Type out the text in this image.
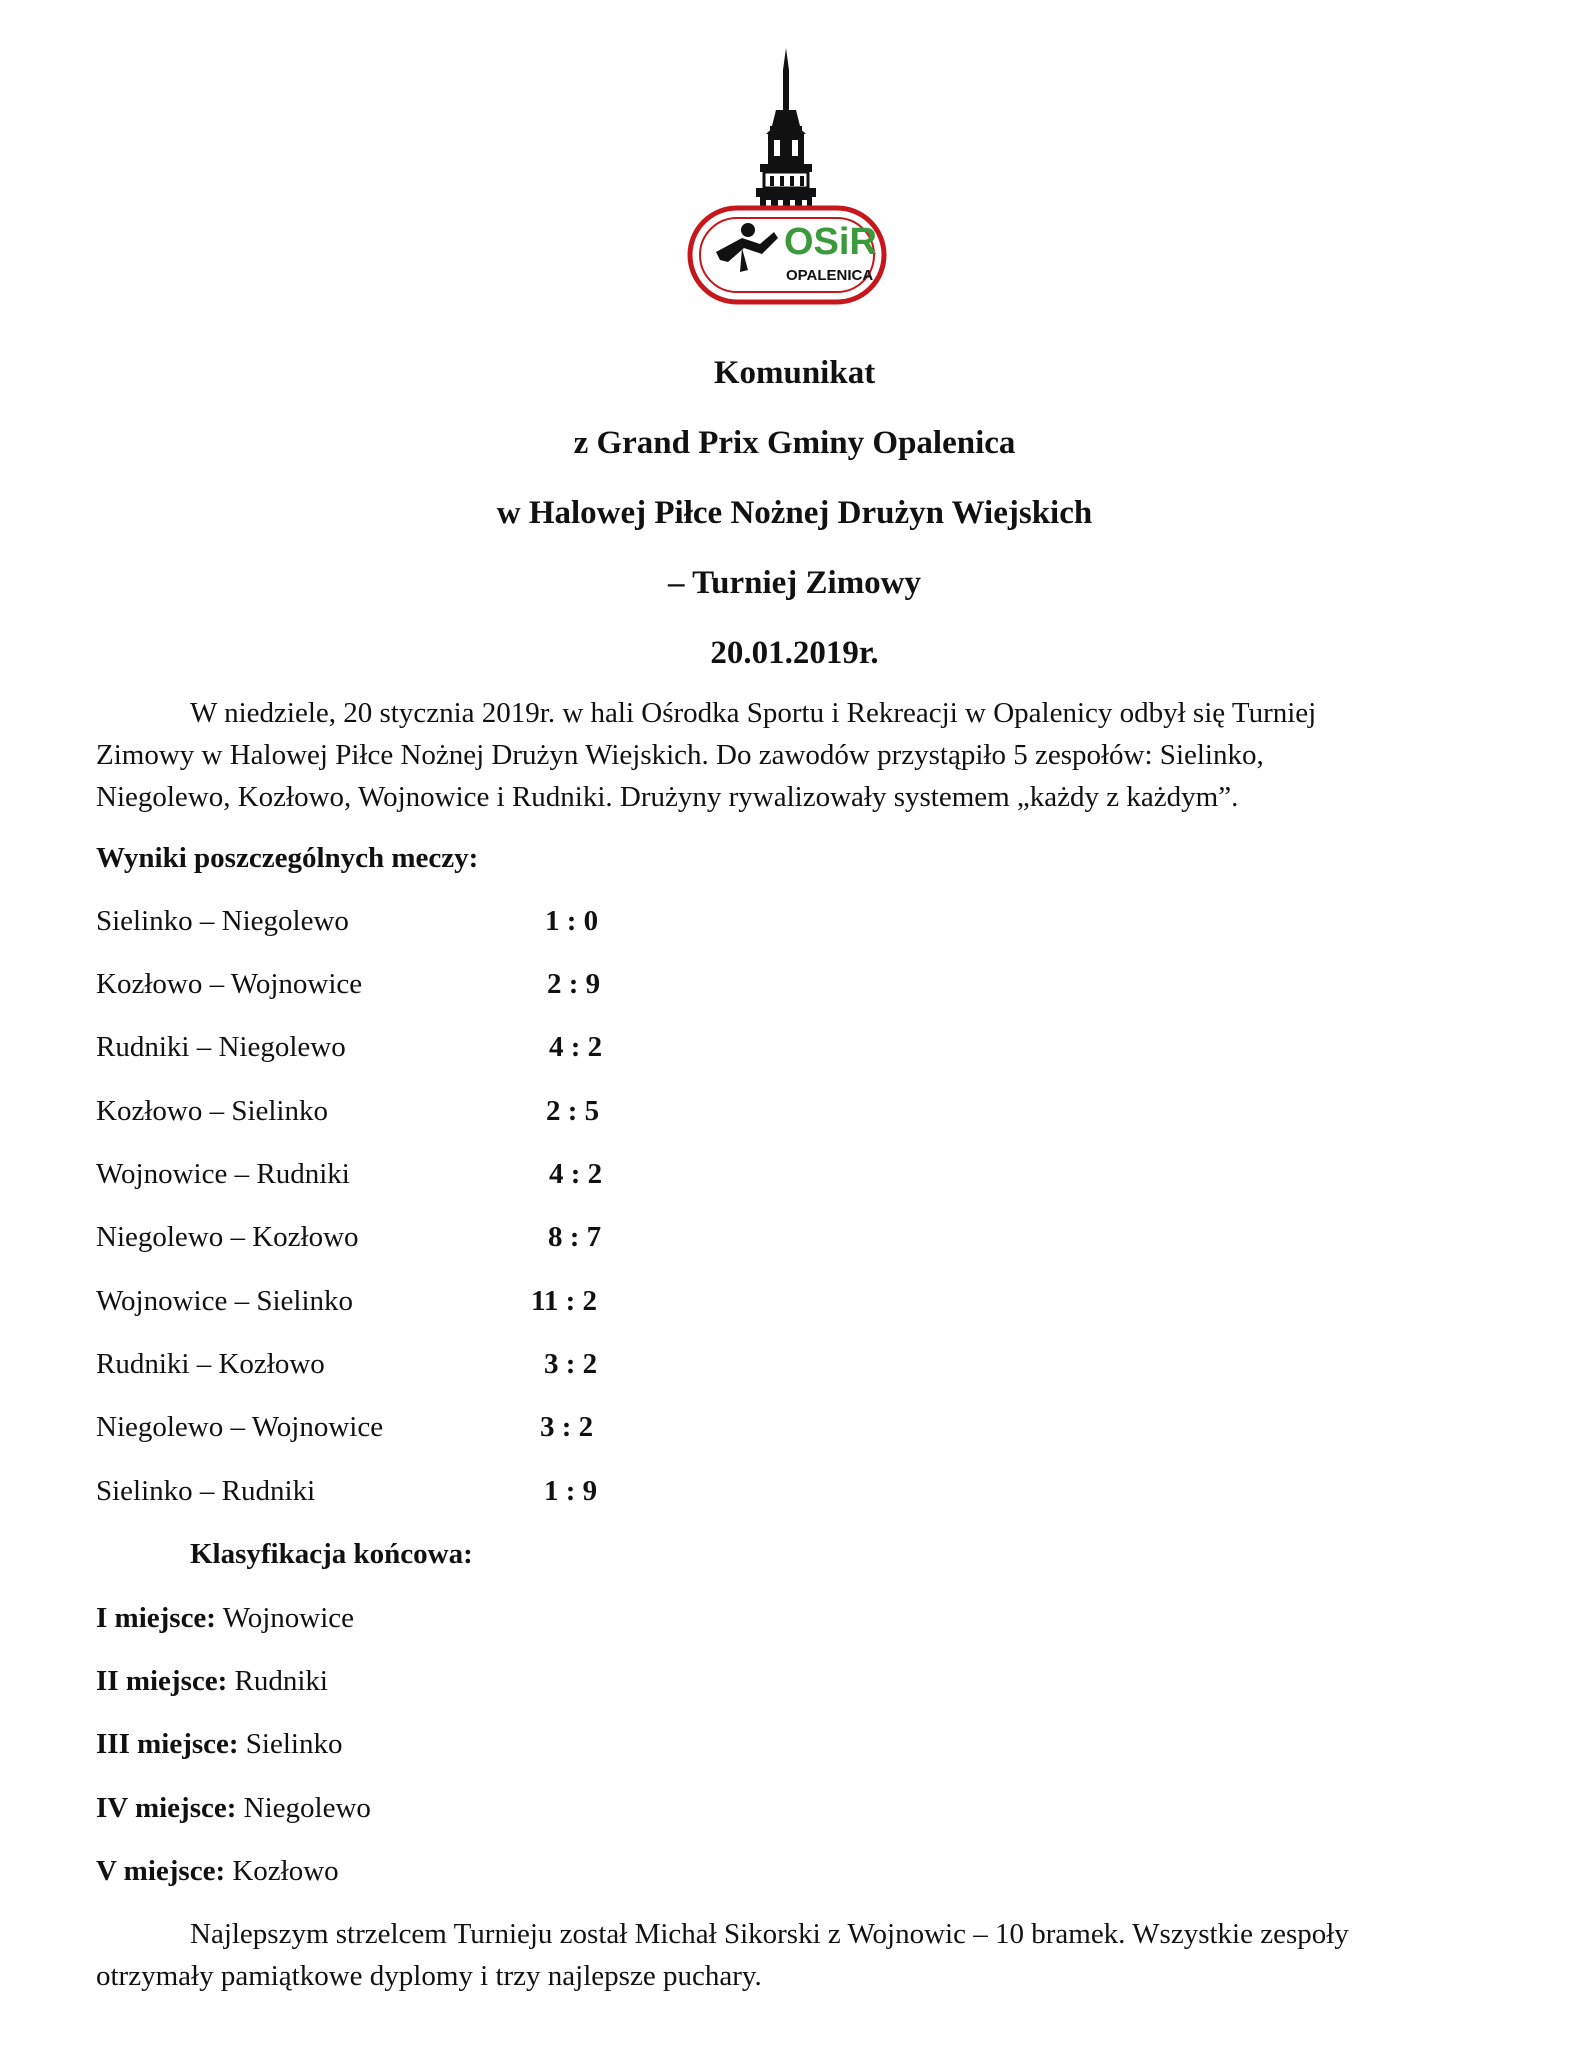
OSiR
OPALENICA
Komunikat
z Grand Prix Gminy Opalenica
w Halowej Piłce Nożnej Drużyn Wiejskich
– Turniej Zimowy
20.01.2019r.
W niedziele, 20 stycznia 2019r. w hali Ośrodka Sportu i Rekreacji w Opalenicy odbył się Turniej
Zimowy w Halowej Piłce Nożnej Drużyn Wiejskich. Do zawodów przystąpiło 5 zespołów: Sielinko,
Niegolewo, Kozłowo, Wojnowice i Rudniki. Drużyny rywalizowały systemem „każdy z każdym”.
Wyniki poszczególnych meczy:
Sielinko – Niegolewo	1 : 0
Kozłowo – Wojnowice	2 : 9
Rudniki – Niegolewo	4 : 2
Kozłowo – Sielinko	2 : 5
Wojnowice – Rudniki	4 : 2
Niegolewo – Kozłowo	8 : 7
Wojnowice – Sielinko	11 : 2
Rudniki – Kozłowo	3 : 2
Niegolewo – Wojnowice	3 : 2
Sielinko – Rudniki	1 : 9
Klasyfikacja końcowa:
I miejsce: Wojnowice
II miejsce: Rudniki
III miejsce: Sielinko
IV miejsce: Niegolewo
V miejsce: Kozłowo
Najlepszym strzelcem Turnieju został Michał Sikorski z Wojnowic – 10 bramek. Wszystkie zespoły
otrzymały pamiątkowe dyplomy i trzy najlepsze puchary.
